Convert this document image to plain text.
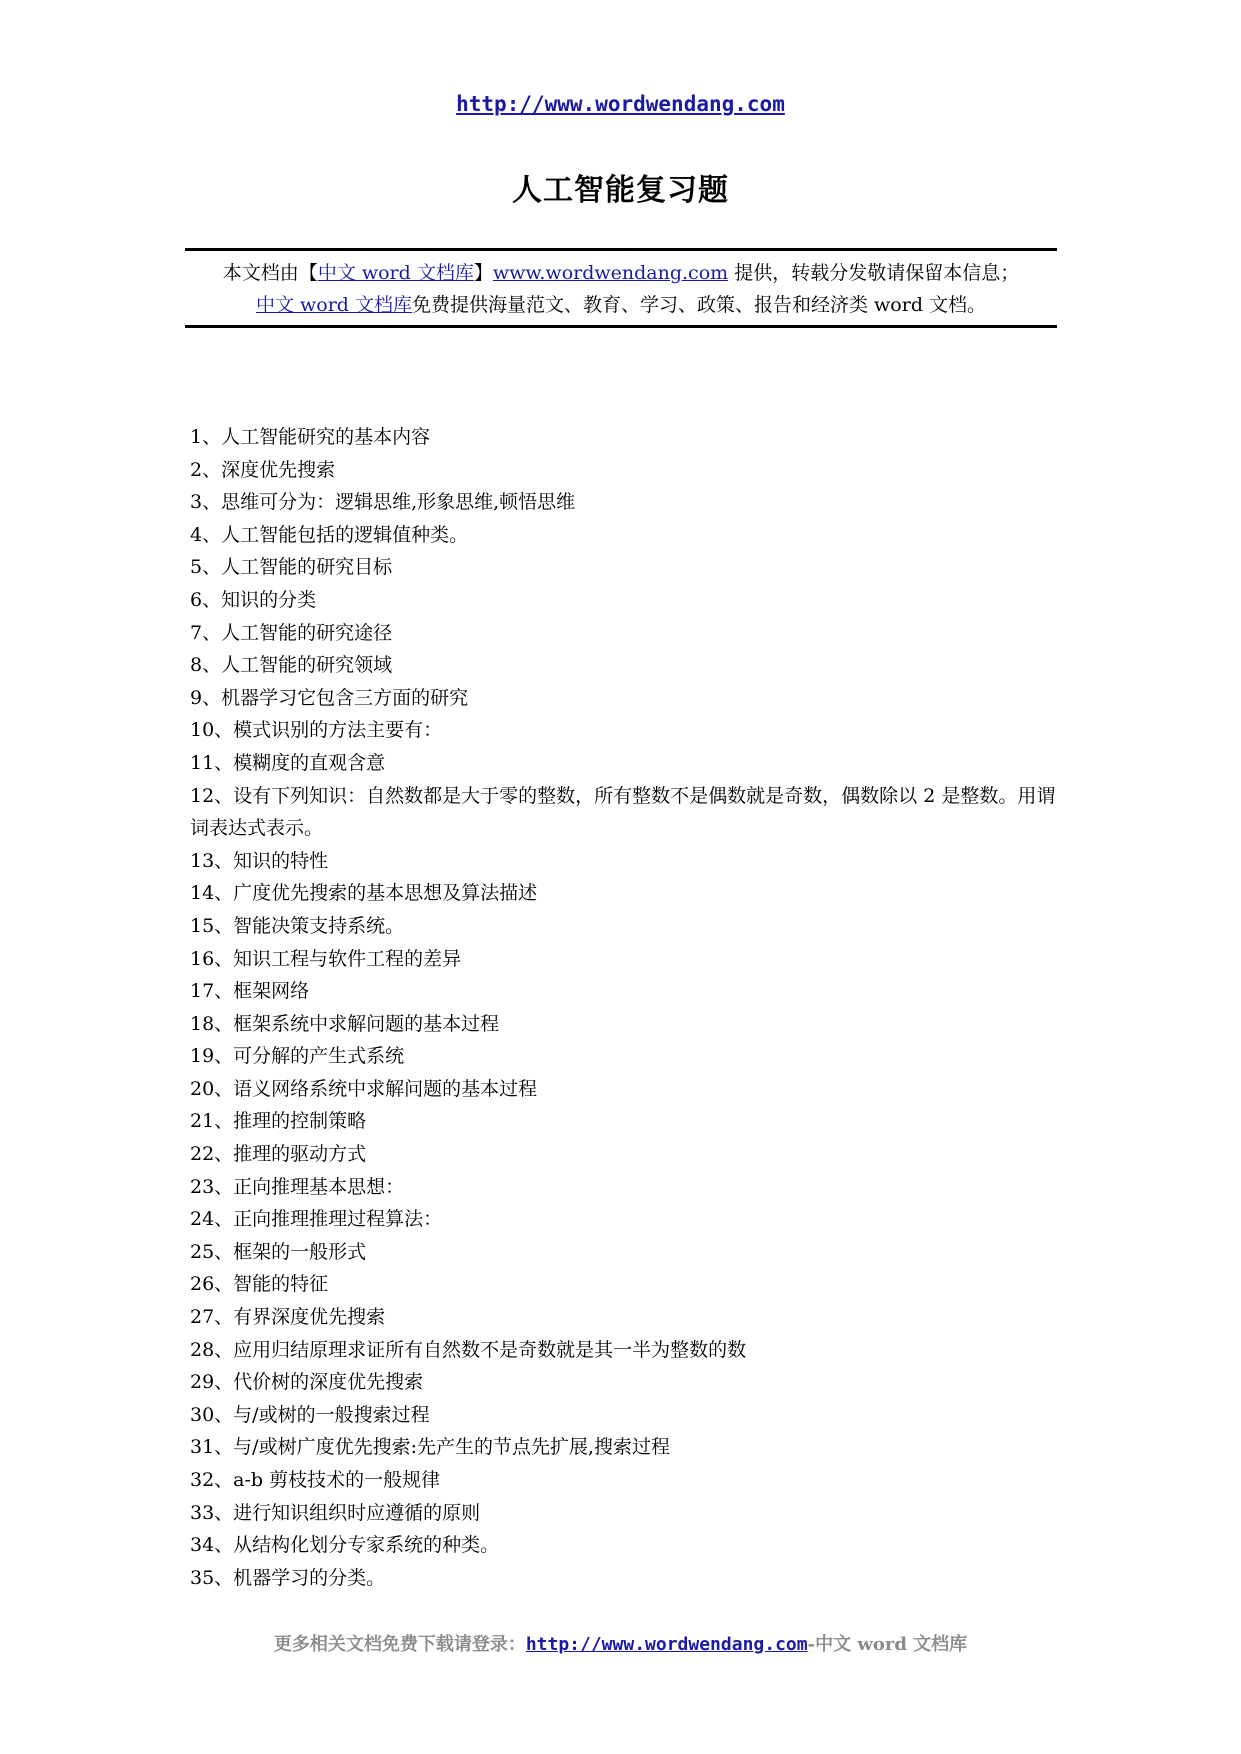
http://www.wordwendang.com
人工智能复习题
本文档由【中文 word 文档库】www.wordwendang.com 提供，转载分发敬请保留本信息；
中文 word 文档库免费提供海量范文、教育、学习、政策、报告和经济类 word 文档。
1、人工智能研究的基本内容
2、深度优先搜索
3、思维可分为：逻辑思维,形象思维,顿悟思维
4、人工智能包括的逻辑值种类。
5、人工智能的研究目标
6、知识的分类
7、人工智能的研究途径
8、人工智能的研究领域
9、机器学习它包含三方面的研究
10、模式识别的方法主要有：
11、模糊度的直观含意
12、设有下列知识：自然数都是大于零的整数，所有整数不是偶数就是奇数，偶数除以 2 是整数。用谓词表达式表示。
13、知识的特性
14、广度优先搜索的基本思想及算法描述
15、智能决策支持系统。
16、知识工程与软件工程的差异
17、框架网络
18、框架系统中求解问题的基本过程
19、可分解的产生式系统
20、语义网络系统中求解问题的基本过程
21、推理的控制策略
22、推理的驱动方式
23、正向推理基本思想：
24、正向推理推理过程算法：
25、框架的一般形式
26、智能的特征
27、有界深度优先搜索
28、应用归结原理求证所有自然数不是奇数就是其一半为整数的数
29、代价树的深度优先搜索
30、与/或树的一般搜索过程
31、与/或树广度优先搜索:先产生的节点先扩展,搜索过程
32、a-b 剪枝技术的一般规律
33、进行知识组织时应遵循的原则
34、从结构化划分专家系统的种类。
35、机器学习的分类。
更多相关文档免费下载请登录：http://www.wordwendang.com-中文 word 文档库
